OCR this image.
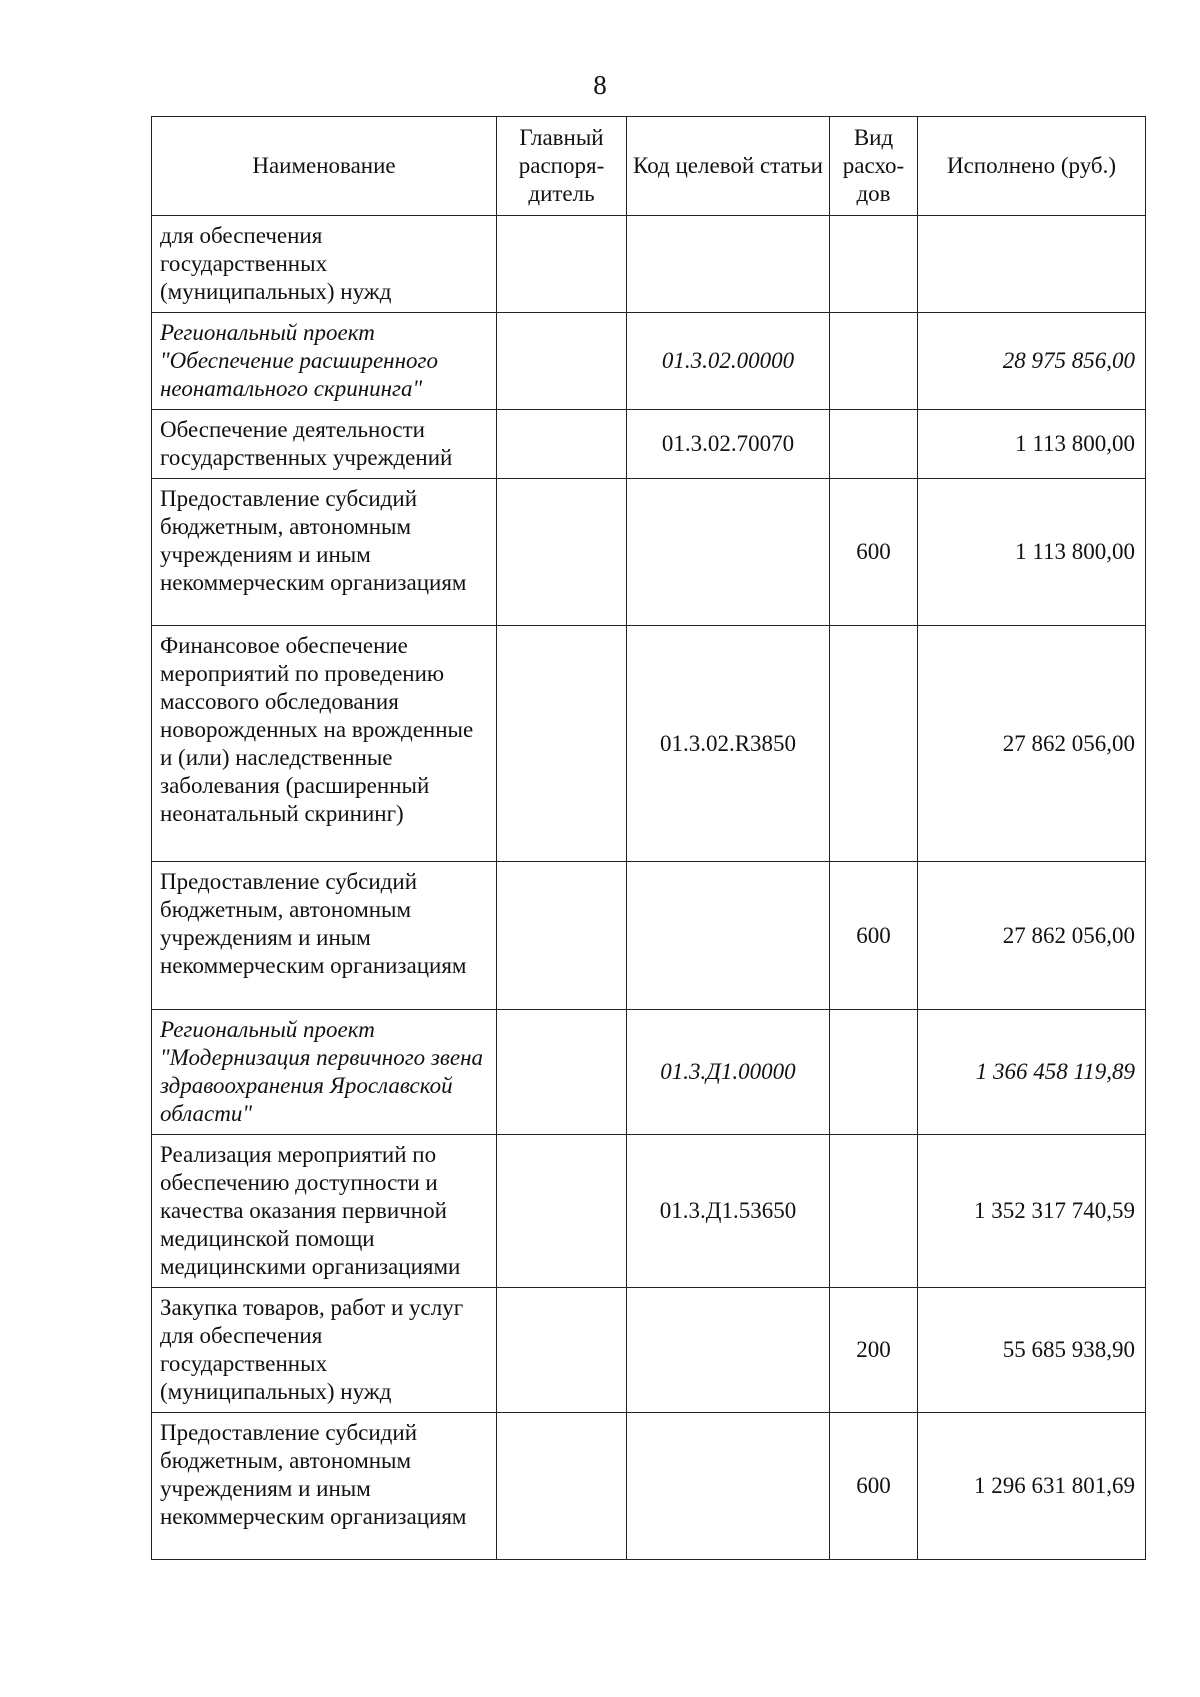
8
Наименование	Главный распоря-дитель	Код целевой статьи	Вид расхо-дов	Исполнено (руб.)
для обеспечения государственных (муниципальных) нужд				
Региональный проект "Обеспечение расширенного неонатального скрининга"		01.3.02.00000		28 975 856,00
Обеспечение деятельности государственных учреждений		01.3.02.70070		1 113 800,00
Предоставление субсидий бюджетным, автономным учреждениям и иным некоммерческим организациям			600	1 113 800,00
Финансовое обеспечение мероприятий по проведению массового обследования новорожденных на врожденные и (или) наследственные заболевания (расширенный неонатальный скрининг)		01.3.02.R3850		27 862 056,00
Предоставление субсидий бюджетным, автономным учреждениям и иным некоммерческим организациям			600	27 862 056,00
Региональный проект "Модернизация первичного звена здравоохранения Ярославской области"		01.3.Д1.00000		1 366 458 119,89
Реализация мероприятий по обеспечению доступности и качества оказания первичной медицинской помощи медицинскими организациями		01.3.Д1.53650		1 352 317 740,59
Закупка товаров, работ и услуг для обеспечения государственных (муниципальных) нужд			200	55 685 938,90
Предоставление субсидий бюджетным, автономным учреждениям и иным некоммерческим организациям			600	1 296 631 801,69
